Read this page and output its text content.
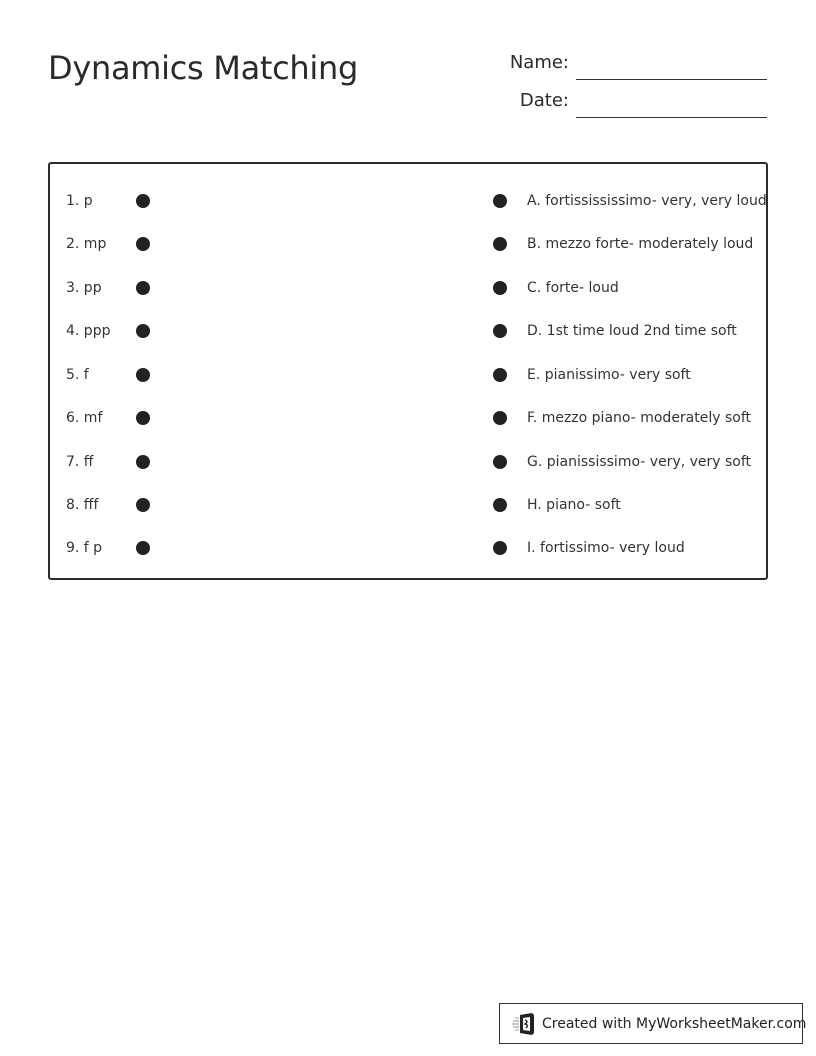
Dynamics Matching	Name:
Date:
1. p
2. mp
3. pp
4. ppp
5. f
6. mf
7. ff
8. fff
9. f p
A. fortissississimo- very, very loud
B. mezzo forte- moderately loud
C. forte- loud
D. 1st time loud 2nd time soft
E. pianissimo- very soft
F. mezzo piano- moderately soft
G. pianississimo- very, very soft
H. piano- soft
I. fortissimo- very loud
Created with MyWorksheetMaker.com
